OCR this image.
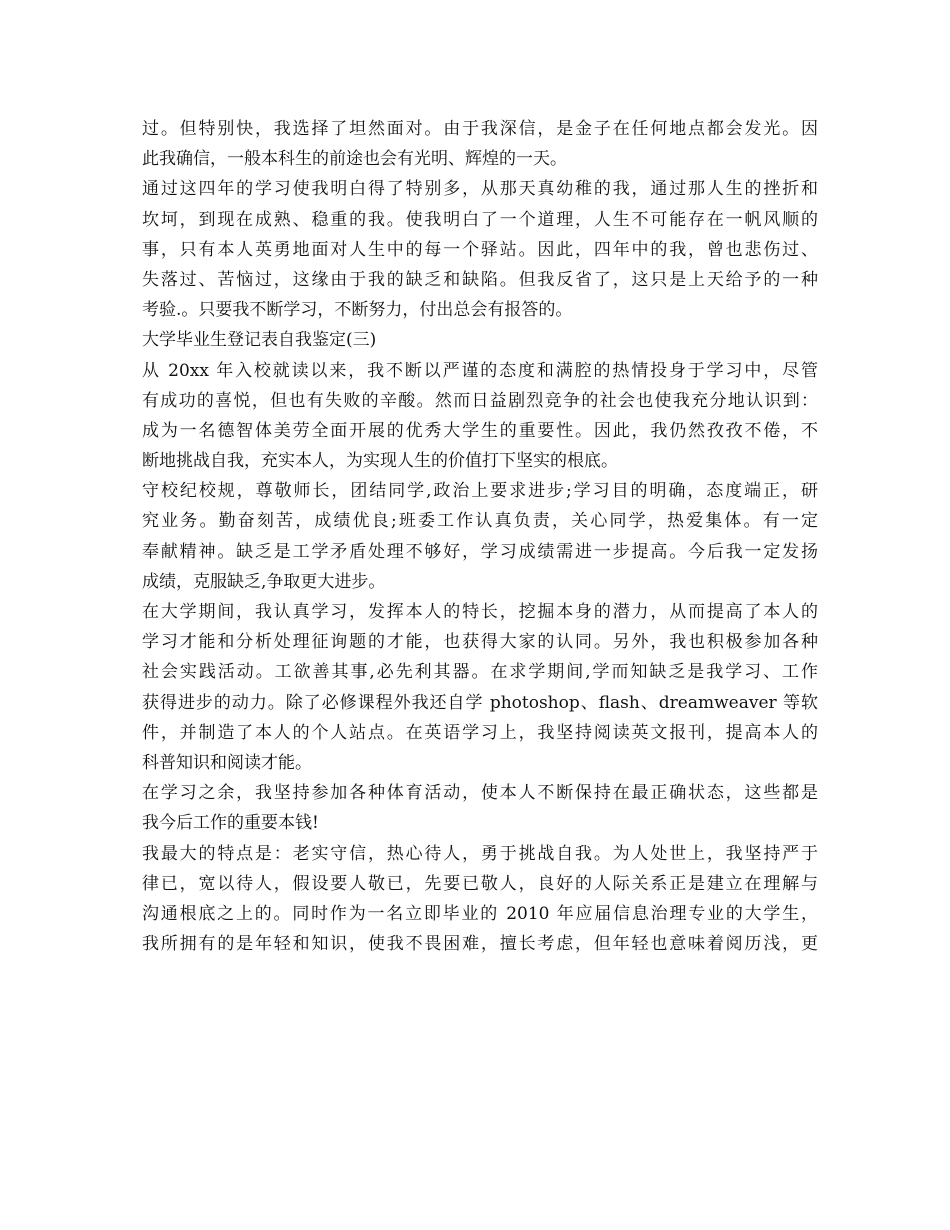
过。但特别快，我选择了坦然面对。由于我深信，是金子在任何地点都会发光。因
此我确信，一般本科生的前途也会有光明、辉煌的一天。
通过这四年的学习使我明白得了特别多，从那天真幼稚的我，通过那人生的挫折和
坎坷，到现在成熟、稳重的我。使我明白了一个道理，人生不可能存在一帆风顺的
事，只有本人英勇地面对人生中的每一个驿站。因此，四年中的我，曾也悲伤过、
失落过、苦恼过，这缘由于我的缺乏和缺陷。但我反省了，这只是上天给予的一种
考验.。只要我不断学习，不断努力，付出总会有报答的。
大学毕业生登记表自我鉴定(三)
从 20xx 年入校就读以来，我不断以严谨的态度和满腔的热情投身于学习中，尽管
有成功的喜悦，但也有失败的辛酸。然而日益剧烈竞争的社会也使我充分地认识到：
成为一名德智体美劳全面开展的优秀大学生的重要性。因此，我仍然孜孜不倦，不
断地挑战自我，充实本人，为实现人生的价值打下坚实的根底。
守校纪校规，尊敬师长，团结同学,政治上要求进步;学习目的明确，态度端正，研
究业务。勤奋刻苦，成绩优良;班委工作认真负责，关心同学，热爱集体。有一定
奉献精神。缺乏是工学矛盾处理不够好，学习成绩需进一步提高。今后我一定发扬
成绩，克服缺乏,争取更大进步。
在大学期间，我认真学习，发挥本人的特长，挖掘本身的潜力，从而提高了本人的
学习才能和分析处理征询题的才能，也获得大家的认同。另外，我也积极参加各种
社会实践活动。工欲善其事,必先利其器。在求学期间,学而知缺乏是我学习、工作
获得进步的动力。除了必修课程外我还自学 photoshop、flash、dreamweaver 等软
件，并制造了本人的个人站点。在英语学习上，我坚持阅读英文报刊，提高本人的
科普知识和阅读才能。
在学习之余，我坚持参加各种体育活动，使本人不断保持在最正确状态，这些都是
我今后工作的重要本钱!
我最大的特点是：老实守信，热心待人，勇于挑战自我。为人处世上，我坚持严于
律已，宽以待人，假设要人敬已，先要已敬人，良好的人际关系正是建立在理解与
沟通根底之上的。同时作为一名立即毕业的 2010 年应届信息治理专业的大学生，
我所拥有的是年轻和知识，使我不畏困难，擅长考虑，但年轻也意味着阅历浅，更
